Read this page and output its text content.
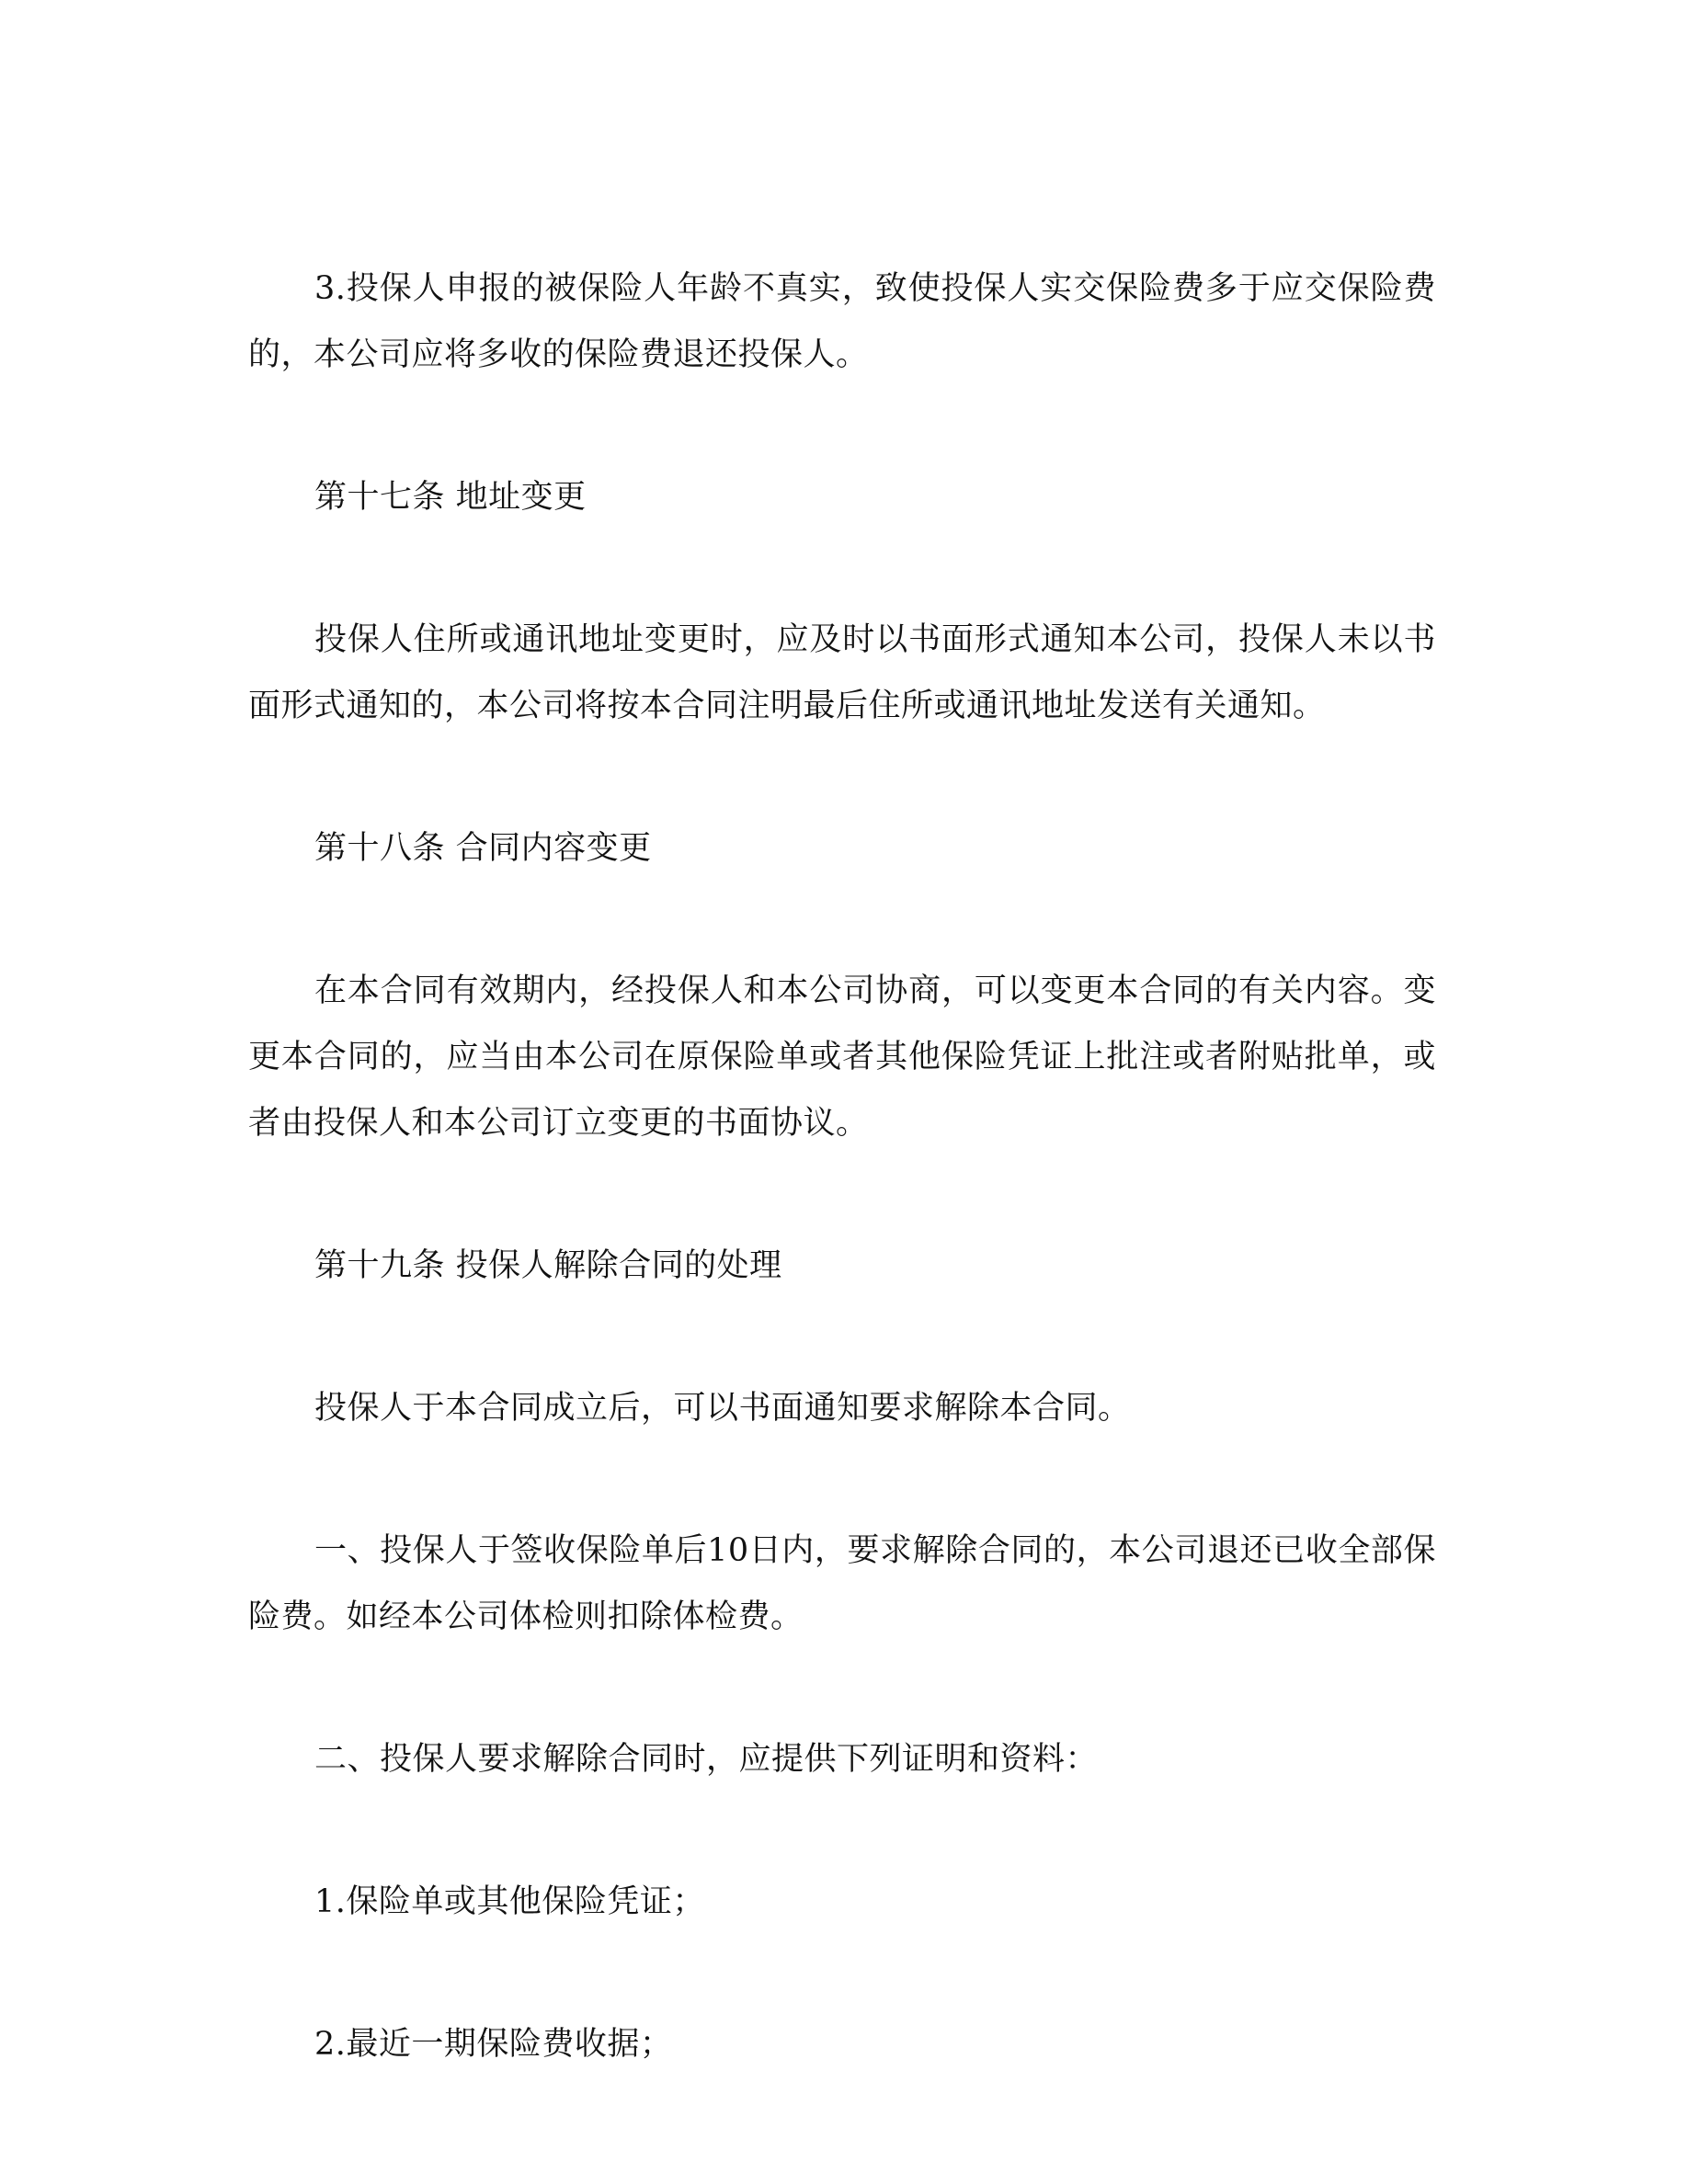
3.投保人申报的被保险人年龄不真实，致使投保人实交保险费多于应交保险费的，本公司应将多收的保险费退还投保人。

第十七条 地址变更

投保人住所或通讯地址变更时，应及时以书面形式通知本公司，投保人未以书面形式通知的，本公司将按本合同注明最后住所或通讯地址发送有关通知。

第十八条 合同内容变更

在本合同有效期内，经投保人和本公司协商，可以变更本合同的有关内容。变更本合同的，应当由本公司在原保险单或者其他保险凭证上批注或者附贴批单，或者由投保人和本公司订立变更的书面协议。

第十九条 投保人解除合同的处理

投保人于本合同成立后，可以书面通知要求解除本合同。

一、投保人于签收保险单后10日内，要求解除合同的，本公司退还已收全部保险费。如经本公司体检则扣除体检费。

二、投保人要求解除合同时，应提供下列证明和资料：

1.保险单或其他保险凭证；

2.最近一期保险费收据；
